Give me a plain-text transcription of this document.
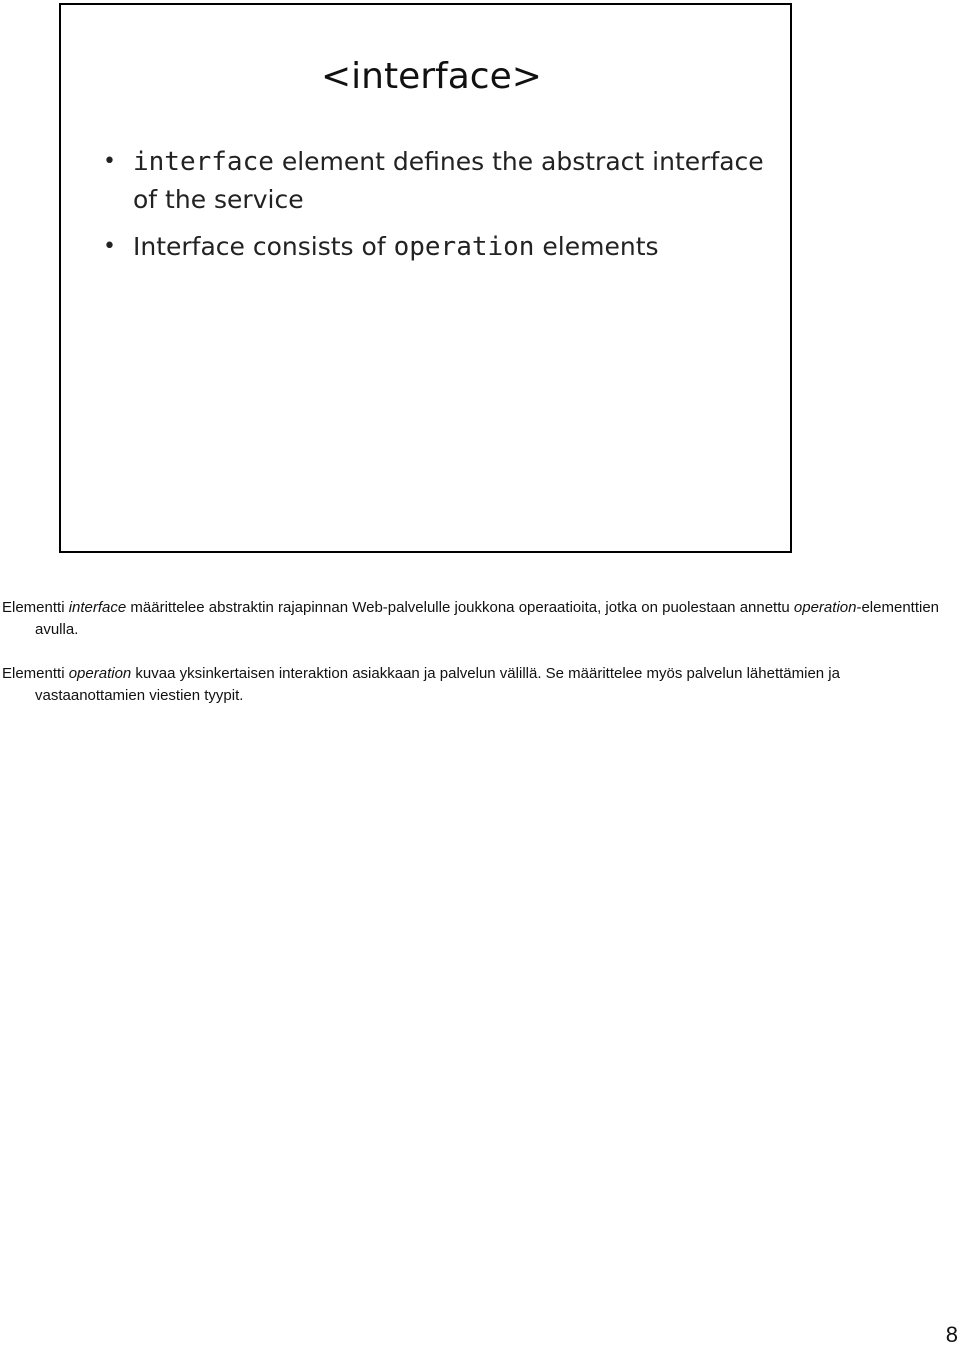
<interface>
• interface element defines the abstract interface of the service
• Interface consists of operation elements

Elementti interface määrittelee abstraktin rajapinnan Web-palvelulle joukkona operaatioita, jotka on puolestaan annettu operation-elementtien avulla.

Elementti operation kuvaa yksinkertaisen interaktion asiakkaan ja palvelun välillä. Se määrittelee myös palvelun lähettämien ja vastaanottamien viestien tyypit.

8
